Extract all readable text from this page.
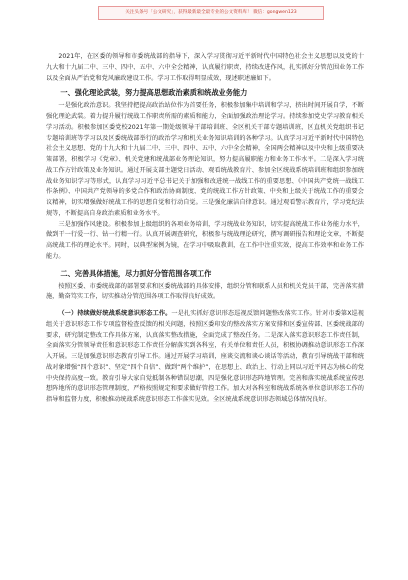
关注头条号「公文研究」，获得最新最全最专业的公文资料库！ 微信：gongwen123

2021年，在区委的领导和市委统战部的指导下，深入学习贯彻习近平新时代中国特色社会主义思想以及党的十九大和十九届二中、三中、四中、五中、六中全会精神，认真履行职责，持续改进作风，扎实抓好分管范围业务工作以及全面从严治党和党风廉政建设工作。学习工作取得明显成效，现述职述廉如下。

一、强化理论武装，努力提高思想政治素质和统战业务能力

一是强化政治意识。我坚持把提高政治站位作为首要任务，积极参加集中培训和学习，挤出时间开展自学，不断强化理论武装。着力提升履行统战工作职责所需的素质和能力，全面加强政治理论学习。持续参加党史学习教育相关学习活动。积极参加区委党校2021年第一期处级领导干部培训班、全区机关干部专题培训班，区直机关党组织书记专题培训班等学习以及区委统战部举行的政治学习和机关业务知识培训的各种学习。认真学习习近平新时代中国特色社会主义思想、党的十九大和十九届二中、三中、四中、五中、六中全会精神，全国两会精神以及中央和上级重要决策部署，积极学习《党章》、机关党建和统战部业务理论知识，努力提高履职能力和业务工作水平。二是深入学习统战工作方针政策及业务知识。通过开展支部主题党日活动、观看统战教育片、参加全区统战系统培训班和组织参加统战业务知识学习等形式，认真学习习近平总书记关于加强和改进统一战线工作的重要思想、《中国共产党统一战线工作条例》、中国共产党领导的多党合作和政治协商制度、党的统战工作方针政策、中央和上级关于统战工作的重要会议精神，切实增强做好统战工作的思想自觉和行动自觉。三是强化廉洁自律意识。通过观看警示教育片，学习党纪法规等，不断提高自身政治素质和业务水平。

三是加强作风建设。积极参加上级组织的各项业务培训，学习统战业务知识，切实提高统战工作业务能力水平，做到干一行爱一行、钻一行精一行。认真开展调查研究，积极参与统战理论研究，撰写调研报告和理论文章，不断提高统战工作的理论水平。同时，以典型案例为镜，在学习中吸取教训，在工作中注重实效，提高工作效率和业务工作能力。

二、完善具体措施，尽力抓好分管范围各项工作

按照区委、市委统战部的部署要求和区委统战部的具体安排，组织分管和联系人员和机关党员干部，完善落实措施，勤奋笃实工作，切实推动分管范围各项工作取得良好成效。

（一）持续做好统战系统意识形态工作。一是扎实抓好意识形态巡视反馈问题整改落实工作。针对市委第X巡视组关于意识形态工作专项监督检查反馈的相关问题，按照区委印发的整改落实方案安排和区委宣传部、区委统战部的要求，研究制定整改工作具体方案，认真落实整改措施，全面完成了整改任务。二是深入落实意识形态工作责任制，全面落实分管领导责任和意识形态工作责任分解落实到各科室，有关单位和责任人员，积极协调推动意识形态工作深入开展。三是加强意识形态教育引导工作。通过开展学习培训，座谈交流和谈心谈话等活动，教育引导统战干部和统战对象增强“四个意识”、坚定“四个自信”、做到“两个维护”，在思想上、政治上、行动上同以习近平同志为核心的党中央保持高度一致。教育引导大家自觉抵制各种错误思潮，四是强化意识形态阵地管理。完善和落实统战系统宣传思想阵地所的意识形态管理制度，严格按照规定和要求做好管控工作。加大对各科室和统战系统各单位意识形态工作的指导和监督力度，积极推动统战系统意识形态工作落实见效。全区统战系统意识形态领域总体情况良好。
